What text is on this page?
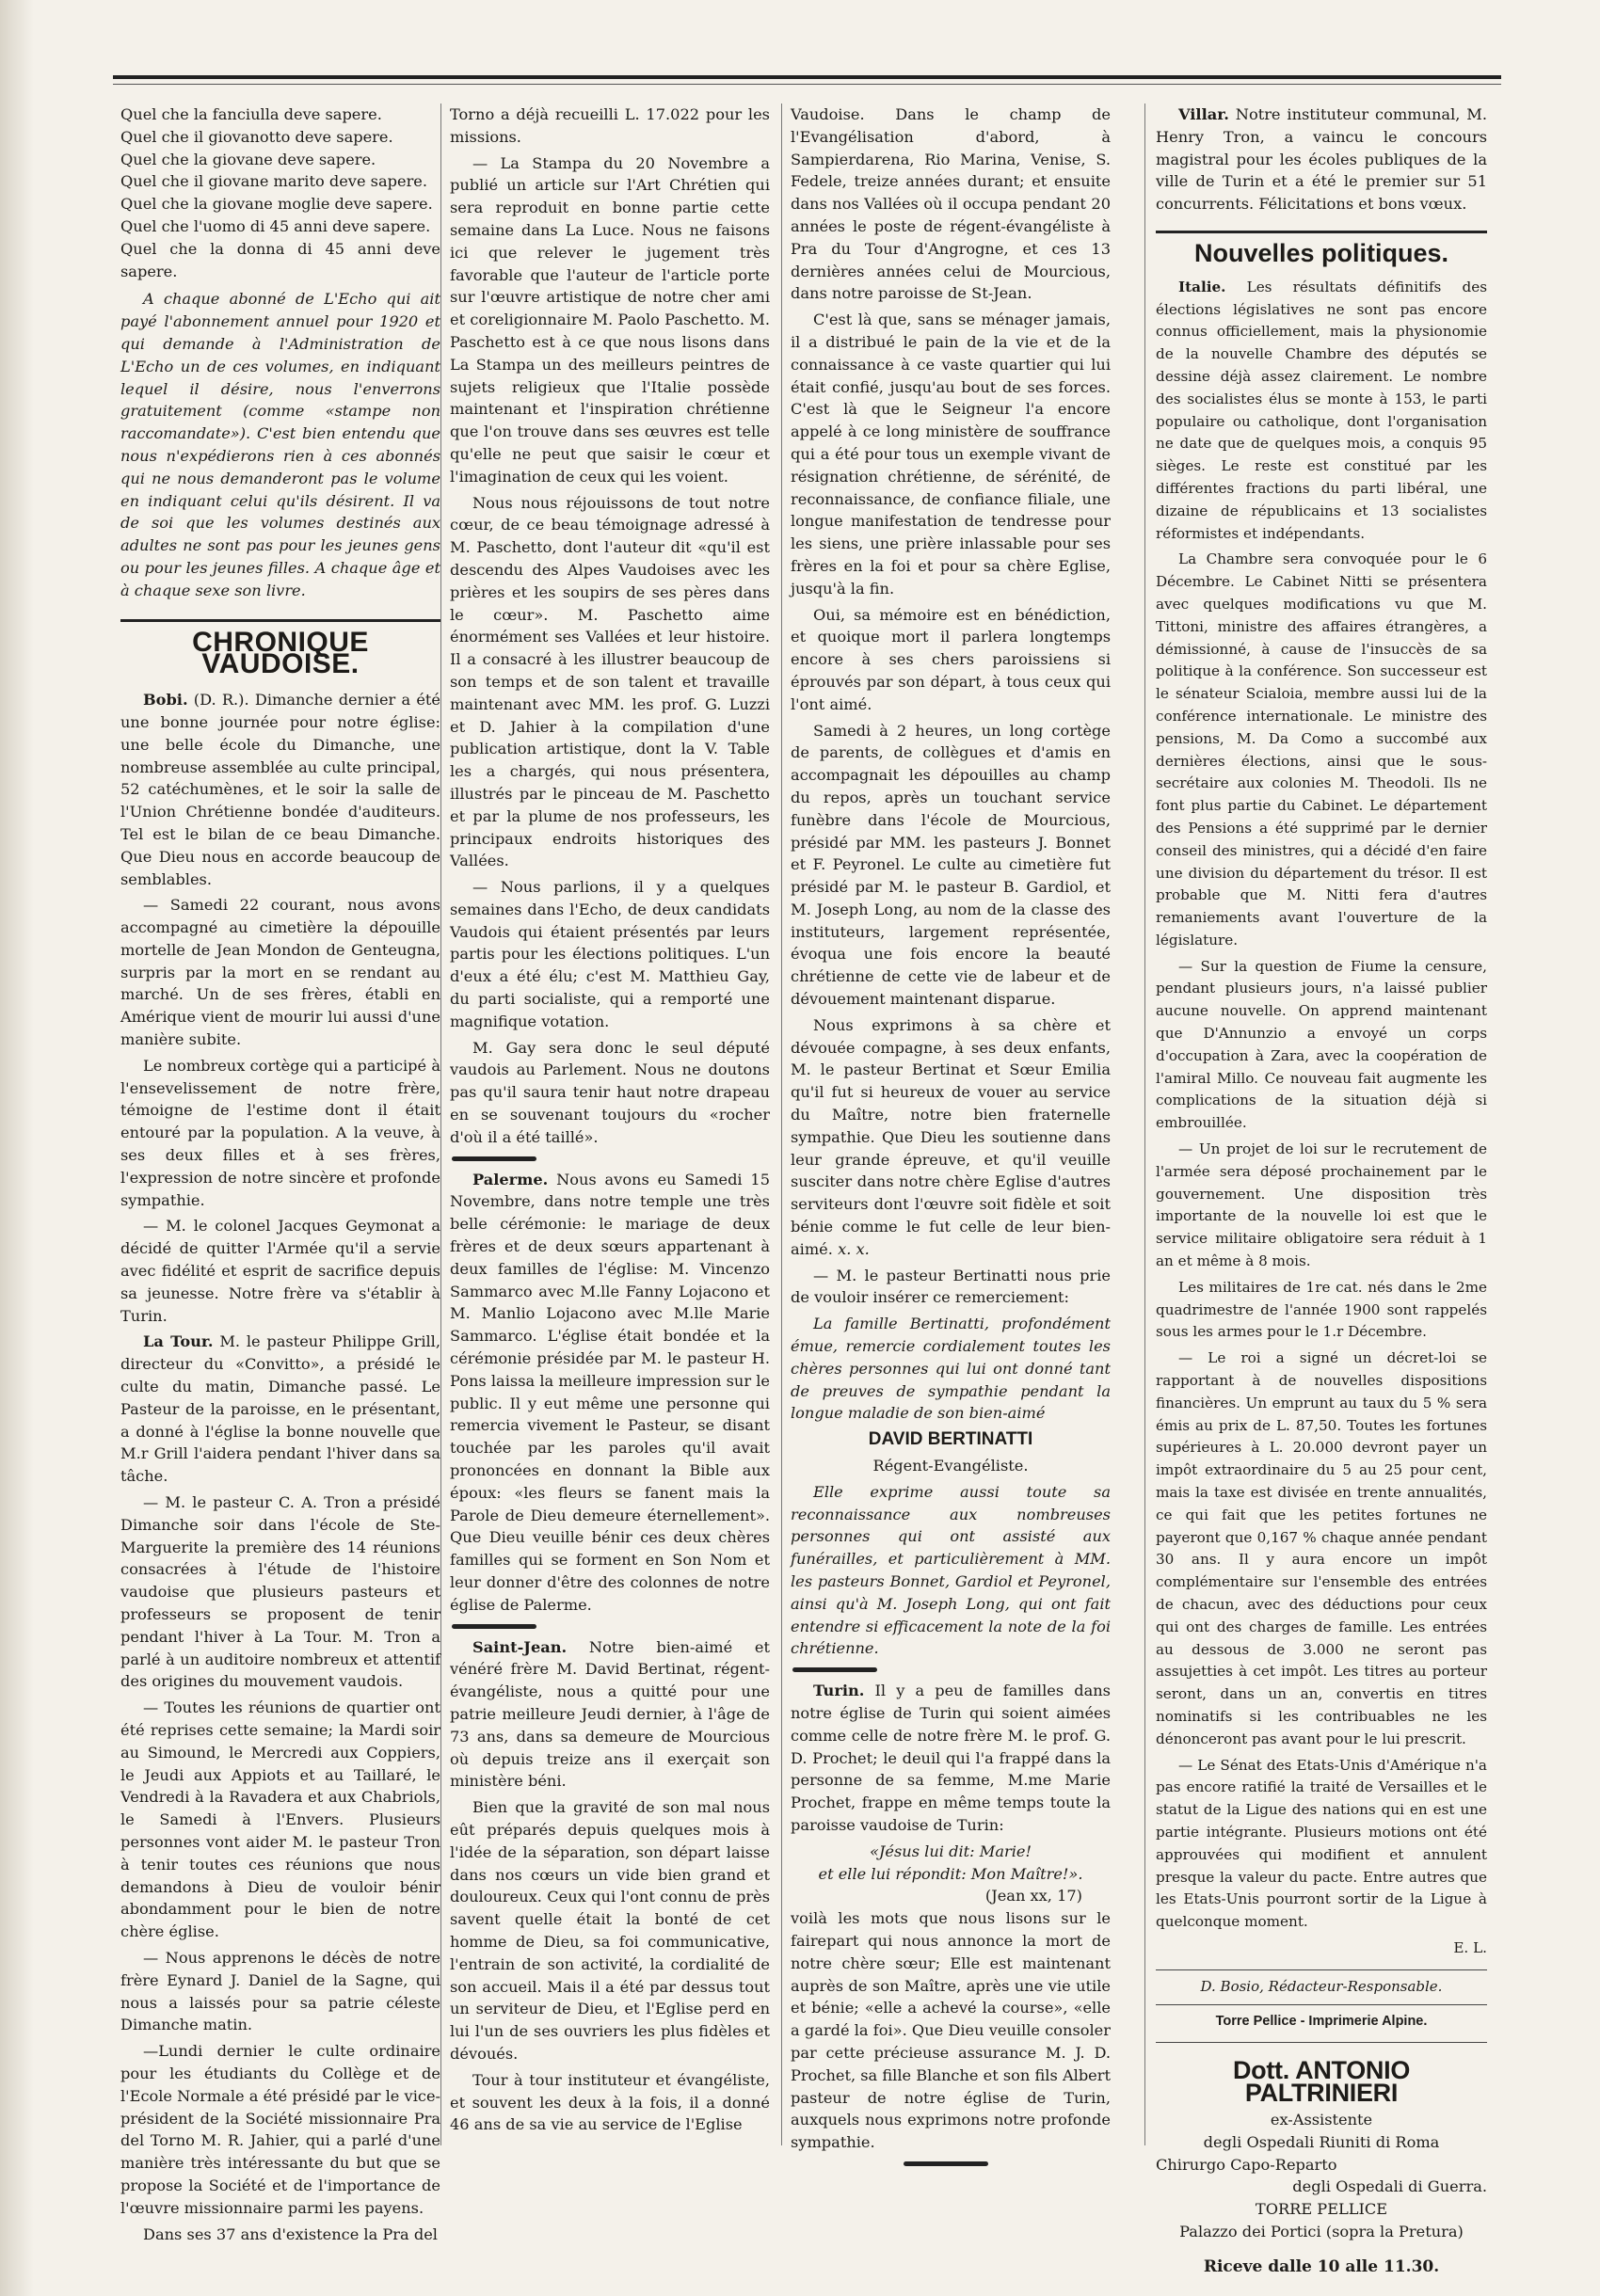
Quel che la fanciulla deve sapere.

Quel che il giovanotto deve sapere.

Quel che la giovane deve sapere.

Quel che il giovane marito deve sapere.

Quel che la giovane moglie deve sapere.

Quel che l'uomo di 45 anni deve sapere.

Quel che la donna di 45 anni deve sapere.

A chaque abonné de L'Echo qui ait payé l'abonnement annuel pour 1920 et qui demande à l'Administration de L'Echo un de ces volumes, en indiquant lequel il désire, nous l'enverrons gratuitement (comme «stampe non raccomandate»). C'est bien entendu que nous n'expédierons rien à ces abonnés qui ne nous demanderont pas le volume en indiquant celui qu'ils désirent. Il va de soi que les volumes destinés aux adultes ne sont pas pour les jeunes gens ou pour les jeunes filles. A chaque âge et à chaque sexe son livre.

CHRONIQUE VAUDOISE.

Bobi. (D. R.). Dimanche dernier a été une bonne journée pour notre église: une belle école du Dimanche, une nombreuse assemblée au culte principal, 52 catéchumènes, et le soir la salle de l'Union Chrétienne bondée d'auditeurs. Tel est le bilan de ce beau Dimanche. Que Dieu nous en accorde beaucoup de semblables.

— Samedi 22 courant, nous avons accompagné au cimetière la dépouille mortelle de Jean Mondon de Genteugna, surpris par la mort en se rendant au marché. Un de ses frères, établi en Amérique vient de mourir lui aussi d'une manière subite.

Le nombreux cortège qui a participé à l'ensevelissement de notre frère, témoigne de l'estime dont il était entouré par la population. A la veuve, à ses deux filles et à ses frères, l'expression de notre sincère et profonde sympathie.

— M. le colonel Jacques Geymonat a décidé de quitter l'Armée qu'il a servie avec fidélité et esprit de sacrifice depuis sa jeunesse. Notre frère va s'établir à Turin.

La Tour. M. le pasteur Philippe Grill, directeur du «Convitto», a présidé le culte du matin, Dimanche passé. Le Pasteur de la paroisse, en le présentant, a donné à l'église la bonne nouvelle que M.r Grill l'aidera pendant l'hiver dans sa tâche.

— M. le pasteur C. A. Tron a présidé Dimanche soir dans l'école de Ste-Marguerite la première des 14 réunions consacrées à l'étude de l'histoire vaudoise que plusieurs pasteurs et professeurs se proposent de tenir pendant l'hiver à La Tour. M. Tron a parlé à un auditoire nombreux et attentif des origines du mouvement vaudois.

— Toutes les réunions de quartier ont été reprises cette semaine; la Mardi soir au Simound, le Mercredi aux Coppiers, le Jeudi aux Appiots et au Taillaré, le Vendredi à la Ravadera et aux Chabriols, le Samedi à l'Envers. Plusieurs personnes vont aider M. le pasteur Tron à tenir toutes ces réunions que nous demandons à Dieu de vouloir bénir abondamment pour le bien de notre chère église.

— Nous apprenons le décès de notre frère Eynard J. Daniel de la Sagne, qui nous a laissés pour sa patrie céleste Dimanche matin.

—Lundi dernier le culte ordinaire pour les étudiants du Collège et de l'Ecole Normale a été présidé par le vice-président de la Société missionnaire Pra del Torno M. R. Jahier, qui a parlé d'une manière très intéressante du but que se propose la Société et de l'importance de l'œuvre missionnaire parmi les payens.

Dans ses 37 ans d'existence la Pra del

Torno a déjà recueilli L. 17.022 pour les missions.

— La Stampa du 20 Novembre a publié un article sur l'Art Chrétien qui sera reproduit en bonne partie cette semaine dans La Luce. Nous ne faisons ici que relever le jugement très favorable que l'auteur de l'article porte sur l'œuvre artistique de notre cher ami et coreligionnaire M. Paolo Paschetto. M. Paschetto est à ce que nous lisons dans La Stampa un des meilleurs peintres de sujets religieux que l'Italie possède maintenant et l'inspiration chrétienne que l'on trouve dans ses œuvres est telle qu'elle ne peut que saisir le cœur et l'imagination de ceux qui les voient.

Nous nous réjouissons de tout notre cœur, de ce beau témoignage adressé à M. Paschetto, dont l'auteur dit «qu'il est descendu des Alpes Vaudoises avec les prières et les soupirs de ses pères dans le cœur». M. Paschetto aime énormément ses Vallées et leur histoire. Il a consacré à les illustrer beaucoup de son temps et de son talent et travaille maintenant avec MM. les prof. G. Luzzi et D. Jahier à la compilation d'une publication artistique, dont la V. Table les a chargés, qui nous présentera, illustrés par le pinceau de M. Paschetto et par la plume de nos professeurs, les principaux endroits historiques des Vallées.

— Nous parlions, il y a quelques semaines dans l'Echo, de deux candidats Vaudois qui étaient présentés par leurs partis pour les élections politiques. L'un d'eux a été élu; c'est M. Matthieu Gay, du parti socialiste, qui a remporté une magnifique votation.

M. Gay sera donc le seul député vaudois au Parlement. Nous ne doutons pas qu'il saura tenir haut notre drapeau en se souvenant toujours du «rocher d'où il a été taillé».

Palerme. Nous avons eu Samedi 15 Novembre, dans notre temple une très belle cérémonie: le mariage de deux frères et de deux sœurs appartenant à deux familles de l'église: M. Vincenzo Sammarco avec M.lle Fanny Lojacono et M. Manlio Lojacono avec M.lle Marie Sammarco. L'église était bondée et la cérémonie présidée par M. le pasteur H. Pons laissa la meilleure impression sur le public. Il y eut même une personne qui remercia vivement le Pasteur, se disant touchée par les paroles qu'il avait prononcées en donnant la Bible aux époux: «les fleurs se fanent mais la Parole de Dieu demeure éternellement». Que Dieu veuille bénir ces deux chères familles qui se forment en Son Nom et leur donner d'être des colonnes de notre église de Palerme.

Saint-Jean. Notre bien-aimé et vénéré frère M. David Bertinat, régent-évangéliste, nous a quitté pour une patrie meilleure Jeudi dernier, à l'âge de 73 ans, dans sa demeure de Mourcious où depuis treize ans il exerçait son ministère béni.

Bien que la gravité de son mal nous eût préparés depuis quelques mois à l'idée de la séparation, son départ laisse dans nos cœurs un vide bien grand et douloureux. Ceux qui l'ont connu de près savent quelle était la bonté de cet homme de Dieu, sa foi communicative, l'entrain de son activité, la cordialité de son accueil. Mais il a été par dessus tout un serviteur de Dieu, et l'Eglise perd en lui l'un de ses ouvriers les plus fidèles et dévoués.

Tour à tour instituteur et évangéliste, et souvent les deux à la fois, il a donné 46 ans de sa vie au service de l'Eglise

Vaudoise. Dans le champ de l'Evangélisation d'abord, à Sampierdarena, Rio Marina, Venise, S. Fedele, treize années durant; et ensuite dans nos Vallées où il occupa pendant 20 années le poste de régent-évangéliste à Pra du Tour d'Angrogne, et ces 13 dernières années celui de Mourcious, dans notre paroisse de St-Jean.

C'est là que, sans se ménager jamais, il a distribué le pain de la vie et de la connaissance à ce vaste quartier qui lui était confié, jusqu'au bout de ses forces. C'est là que le Seigneur l'a encore appelé à ce long ministère de souffrance qui a été pour tous un exemple vivant de résignation chrétienne, de sérénité, de reconnaissance, de confiance filiale, une longue manifestation de tendresse pour les siens, une prière inlassable pour ses frères en la foi et pour sa chère Eglise, jusqu'à la fin.

Oui, sa mémoire est en bénédiction, et quoique mort il parlera longtemps encore à ses chers paroissiens si éprouvés par son départ, à tous ceux qui l'ont aimé.

Samedi à 2 heures, un long cortège de parents, de collègues et d'amis en accompagnait les dépouilles au champ du repos, après un touchant service funèbre dans l'école de Mourcious, présidé par MM. les pasteurs J. Bonnet et F. Peyronel. Le culte au cimetière fut présidé par M. le pasteur B. Gardiol, et M. Joseph Long, au nom de la classe des instituteurs, largement représentée, évoqua une fois encore la beauté chrétienne de cette vie de labeur et de dévouement maintenant disparue.

Nous exprimons à sa chère et dévouée compagne, à ses deux enfants, M. le pasteur Bertinat et Sœur Emilia qu'il fut si heureux de vouer au service du Maître, notre bien fraternelle sympathie. Que Dieu les soutienne dans leur grande épreuve, et qu'il veuille susciter dans notre chère Eglise d'autres serviteurs dont l'œuvre soit fidèle et soit bénie comme le fut celle de leur bien-aimé. x. x.

— M. le pasteur Bertinatti nous prie de vouloir insérer ce remerciement:

La famille Bertinatti, profondément émue, remercie cordialement toutes les chères personnes qui lui ont donné tant de preuves de sympathie pendant la longue maladie de son bien-aimé

DAVID BERTINATTI

Régent-Evangéliste.

Elle exprime aussi toute sa reconnaissance aux nombreuses personnes qui ont assisté aux funérailles, et particulièrement à MM. les pasteurs Bonnet, Gardiol et Peyronel, ainsi qu'à M. Joseph Long, qui ont fait entendre si efficacement la note de la foi chrétienne.

Turin. Il y a peu de familles dans notre église de Turin qui soient aimées comme celle de notre frère M. le prof. G. D. Prochet; le deuil qui l'a frappé dans la personne de sa femme, M.me Marie Prochet, frappe en même temps toute la paroisse vaudoise de Turin:

«Jésus lui dit: Marie!

et elle lui répondit: Mon Maître!».

(Jean xx, 17)

voilà les mots que nous lisons sur le fairepart qui nous annonce la mort de notre chère sœur; Elle est maintenant auprès de son Maître, après une vie utile et bénie; «elle a achevé la course», «elle a gardé la foi». Que Dieu veuille consoler par cette précieuse assurance M. J. D. Prochet, sa fille Blanche et son fils Albert pasteur de notre église de Turin, auxquels nous exprimons notre profonde sympathie.

Villar. Notre instituteur communal, M. Henry Tron, a vaincu le concours magistral pour les écoles publiques de la ville de Turin et a été le premier sur 51 concurrents. Félicitations et bons vœux.

Nouvelles politiques.

Italie. Les résultats définitifs des élections législatives ne sont pas encore connus officiellement, mais la physionomie de la nouvelle Chambre des députés se dessine déjà assez clairement. Le nombre des socialistes élus se monte à 153, le parti populaire ou catholique, dont l'organisation ne date que de quelques mois, a conquis 95 sièges. Le reste est constitué par les différentes fractions du parti libéral, une dizaine de républicains et 13 socialistes réformistes et indépendants.

La Chambre sera convoquée pour le 6 Décembre. Le Cabinet Nitti se présentera avec quelques modifications vu que M. Tittoni, ministre des affaires étrangères, a démissionné, à cause de l'insuccès de sa politique à la conférence. Son successeur est le sénateur Scialoia, membre aussi lui de la conférence internationale. Le ministre des pensions, M. Da Como a succombé aux dernières élections, ainsi que le sous-secrétaire aux colonies M. Theodoli. Ils ne font plus partie du Cabinet. Le département des Pensions a été supprimé par le dernier conseil des ministres, qui a décidé d'en faire une division du département du trésor. Il est probable que M. Nitti fera d'autres remaniements avant l'ouverture de la législature.

— Sur la question de Fiume la censure, pendant plusieurs jours, n'a laissé publier aucune nouvelle. On apprend maintenant que D'Annunzio a envoyé un corps d'occupation à Zara, avec la coopération de l'amiral Millo. Ce nouveau fait augmente les complications de la situation déjà si embrouillée.

— Un projet de loi sur le recrutement de l'armée sera déposé prochainement par le gouvernement. Une disposition très importante de la nouvelle loi est que le service militaire obligatoire sera réduit à 1 an et même à 8 mois.

Les militaires de 1re cat. nés dans le 2me quadrimestre de l'année 1900 sont rappelés sous les armes pour le 1.r Décembre.

— Le roi a signé un décret-loi se rapportant à de nouvelles dispositions financières. Un emprunt au taux du 5 % sera émis au prix de L. 87,50. Toutes les fortunes supérieures à L. 20.000 devront payer un impôt extraordinaire du 5 au 25 pour cent, mais la taxe est divisée en trente annualités, ce qui fait que les petites fortunes ne payeront que 0,167 % chaque année pendant 30 ans. Il y aura encore un impôt complémentaire sur l'ensemble des entrées de chacun, avec des déductions pour ceux qui ont des charges de famille. Les entrées au dessous de 3.000 ne seront pas assujetties à cet impôt. Les titres au porteur seront, dans un an, convertis en titres nominatifs si les contribuables ne les dénonceront pas avant pour le lui prescrit.

— Le Sénat des Etats-Unis d'Amérique n'a pas encore ratifié la traité de Versailles et le statut de la Ligue des nations qui en est une partie intégrante. Plusieurs motions ont été approuvées qui modifient et annulent presque la valeur du pacte. Entre autres que les Etats-Unis pourront sortir de la Ligue à quelconque moment.

E. L.

D. Bosio, Rédacteur-Responsable.
Torre Pellice - Imprimerie Alpine.
Dott. ANTONIO PALTRINIERI

ex-Assistente

degli Ospedali Riuniti di Roma

Chirurgo Capo-Reparto

degli Ospedali di Guerra.

TORRE PELLICE

Palazzo dei Portici (sopra la Pretura)

Riceve dalle 10 alle 11.30.
